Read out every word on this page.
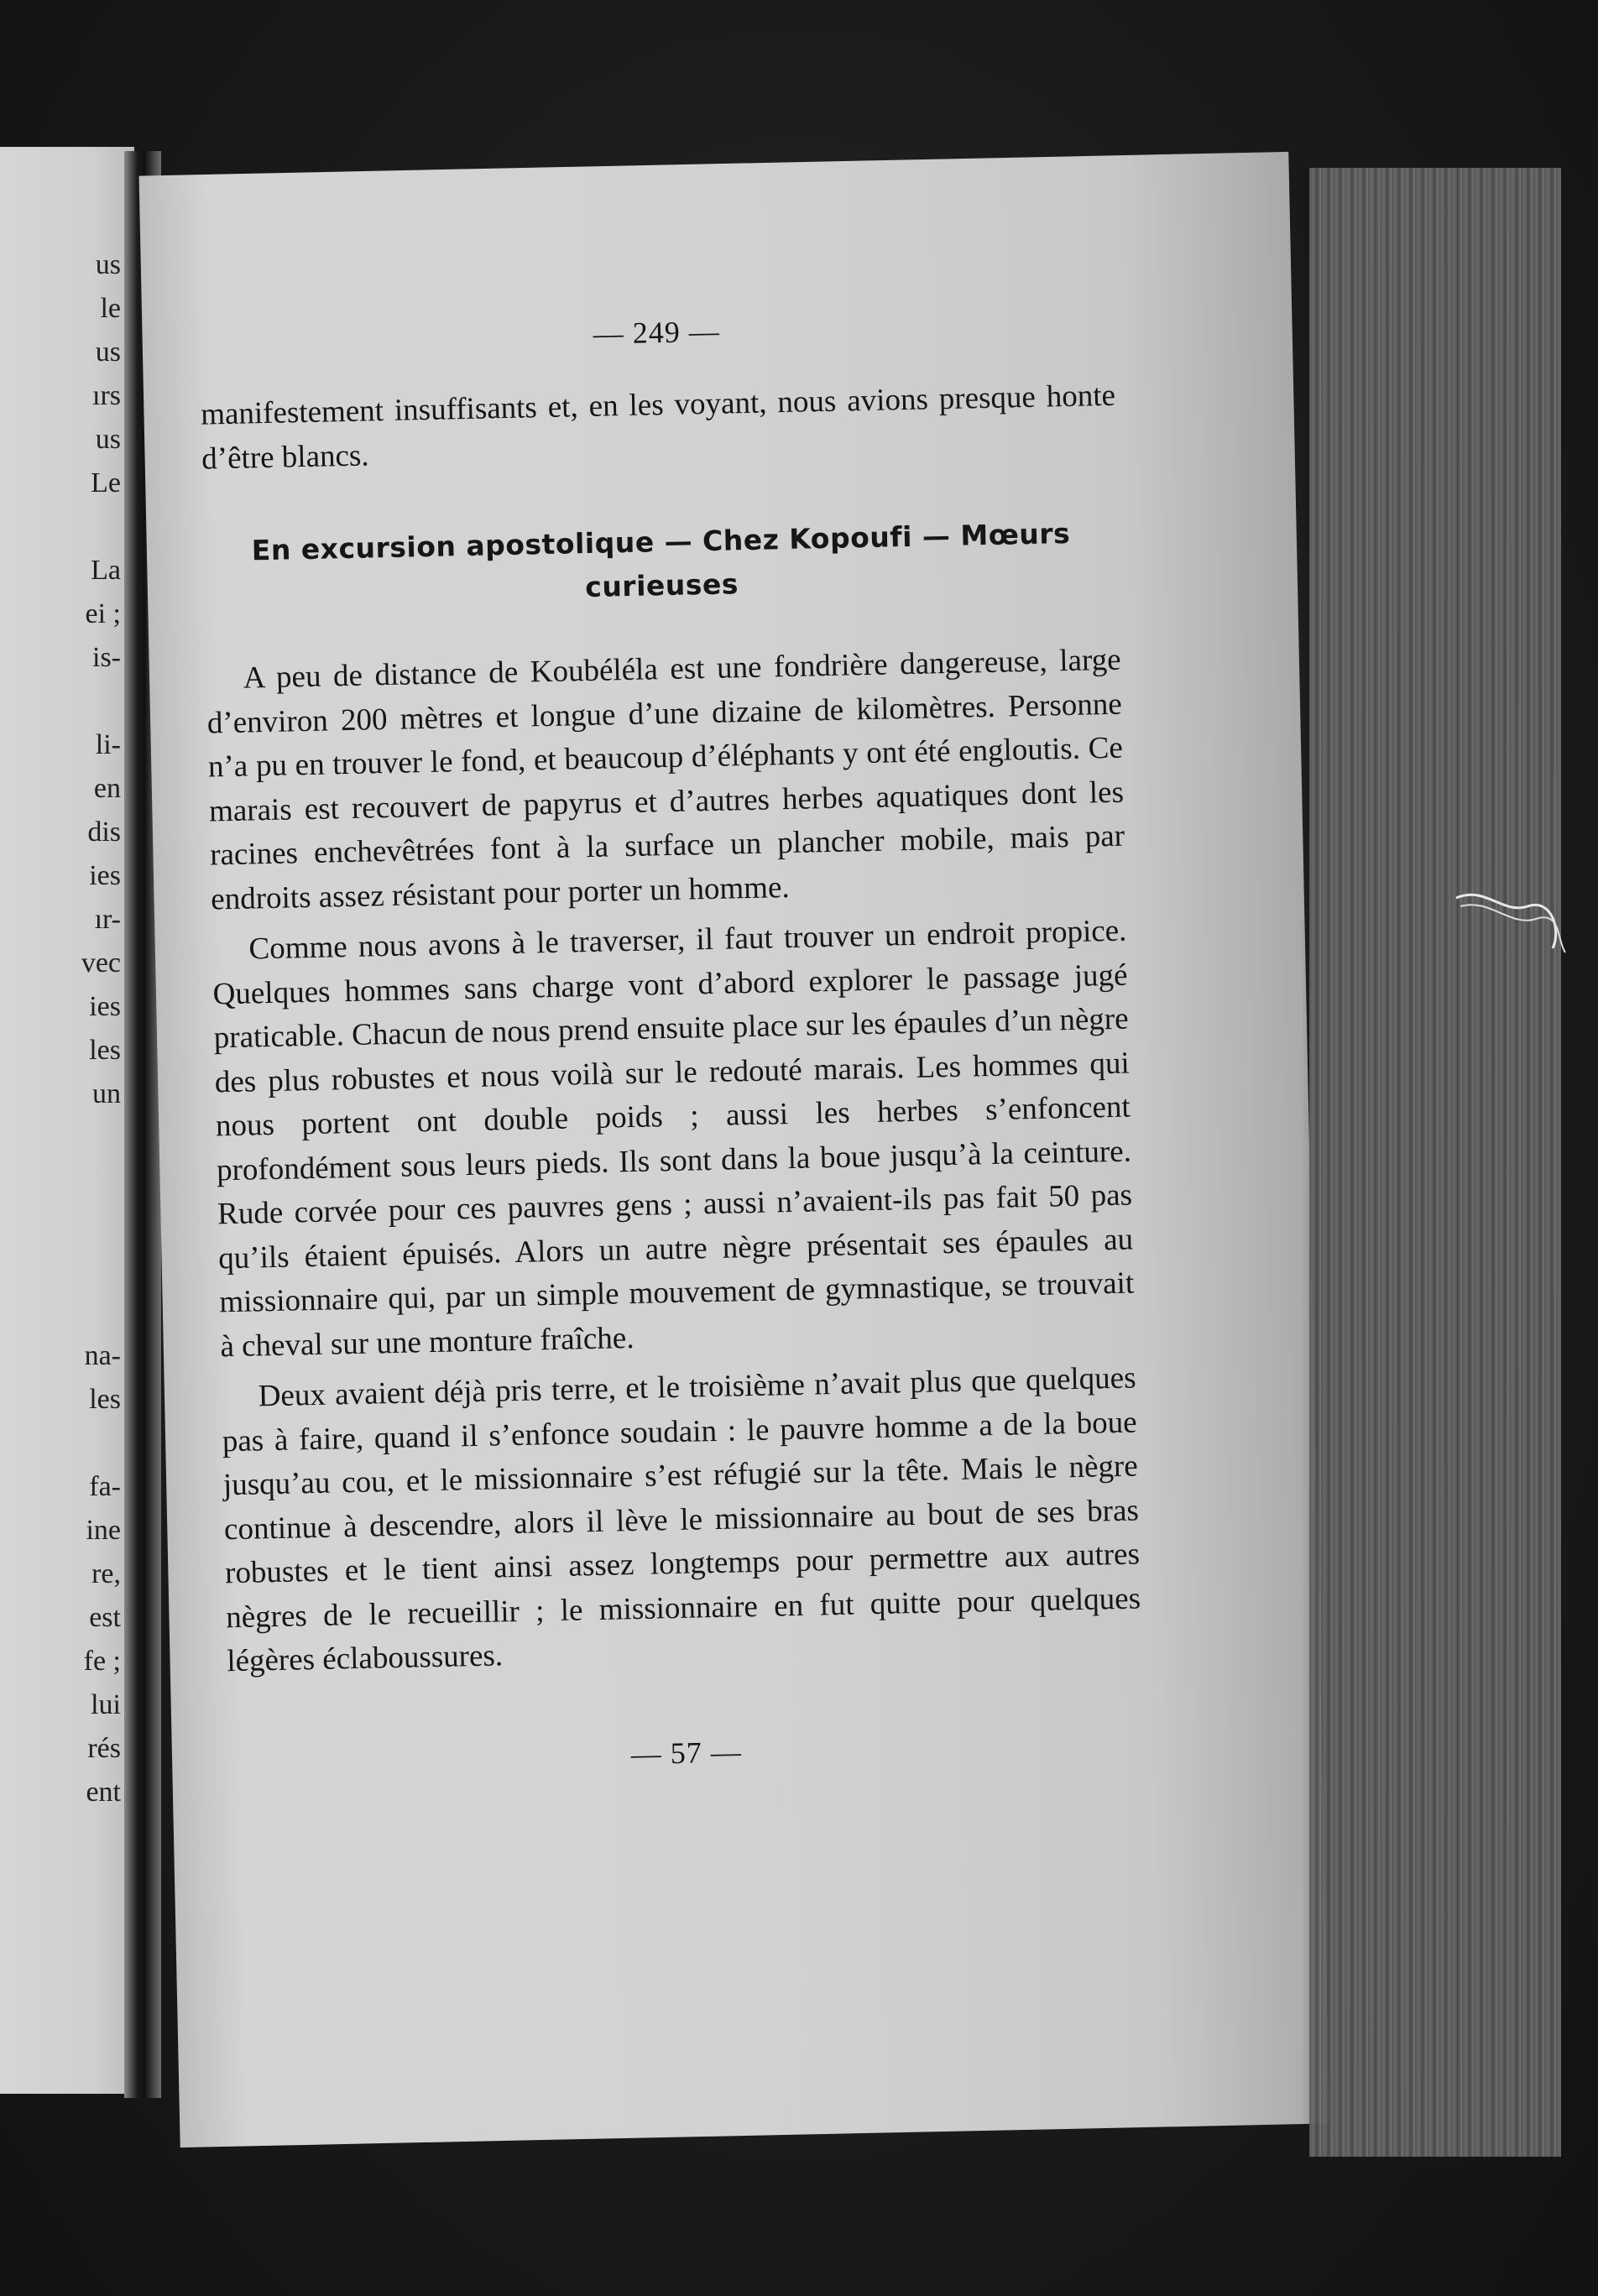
us
le
us
ırs
us
Le
La
ei ;
is-
li-
en
dis
ies
ır-
vec
ies
les
un
na-
les
fa-
ine
re,
est
fe ;
lui
rés
ent
— 249 —

manifestement insuffisants et, en les voyant, nous avions presque honte d’être blancs.

En excursion apostolique — Chez Kopoufi — Mœurs curieuses

A peu de distance de Koubéléla est une fondrière dangereuse, large d’environ 200 mètres et longue d’une dizaine de kilomètres. Personne n’a pu en trouver le fond, et beaucoup d’éléphants y ont été engloutis. Ce marais est recouvert de papyrus et d’autres herbes aquatiques dont les racines enchevêtrées font à la surface un plancher mobile, mais par endroits assez résistant pour porter un homme.

Comme nous avons à le traverser, il faut trouver un endroit propice. Quelques hommes sans charge vont d’abord explorer le passage jugé praticable. Chacun de nous prend ensuite place sur les épaules d’un nègre des plus robustes et nous voilà sur le redouté marais. Les hommes qui nous portent ont double poids ; aussi les herbes s’enfoncent profondément sous leurs pieds. Ils sont dans la boue jusqu’à la ceinture. Rude corvée pour ces pauvres gens ; aussi n’avaient-ils pas fait 50 pas qu’ils étaient épuisés. Alors un autre nègre présentait ses épaules au missionnaire qui, par un simple mouvement de gymnastique, se trouvait à cheval sur une monture fraîche.

Deux avaient déjà pris terre, et le troisième n’avait plus que quelques pas à faire, quand il s’enfonce soudain : le pauvre homme a de la boue jusqu’au cou, et le missionnaire s’est réfugié sur la tête. Mais le nègre continue à descendre, alors il lève le missionnaire au bout de ses bras robustes et le tient ainsi assez longtemps pour permettre aux autres nègres de le recueillir ; le missionnaire en fut quitte pour quelques légères éclaboussures.

— 57 —
